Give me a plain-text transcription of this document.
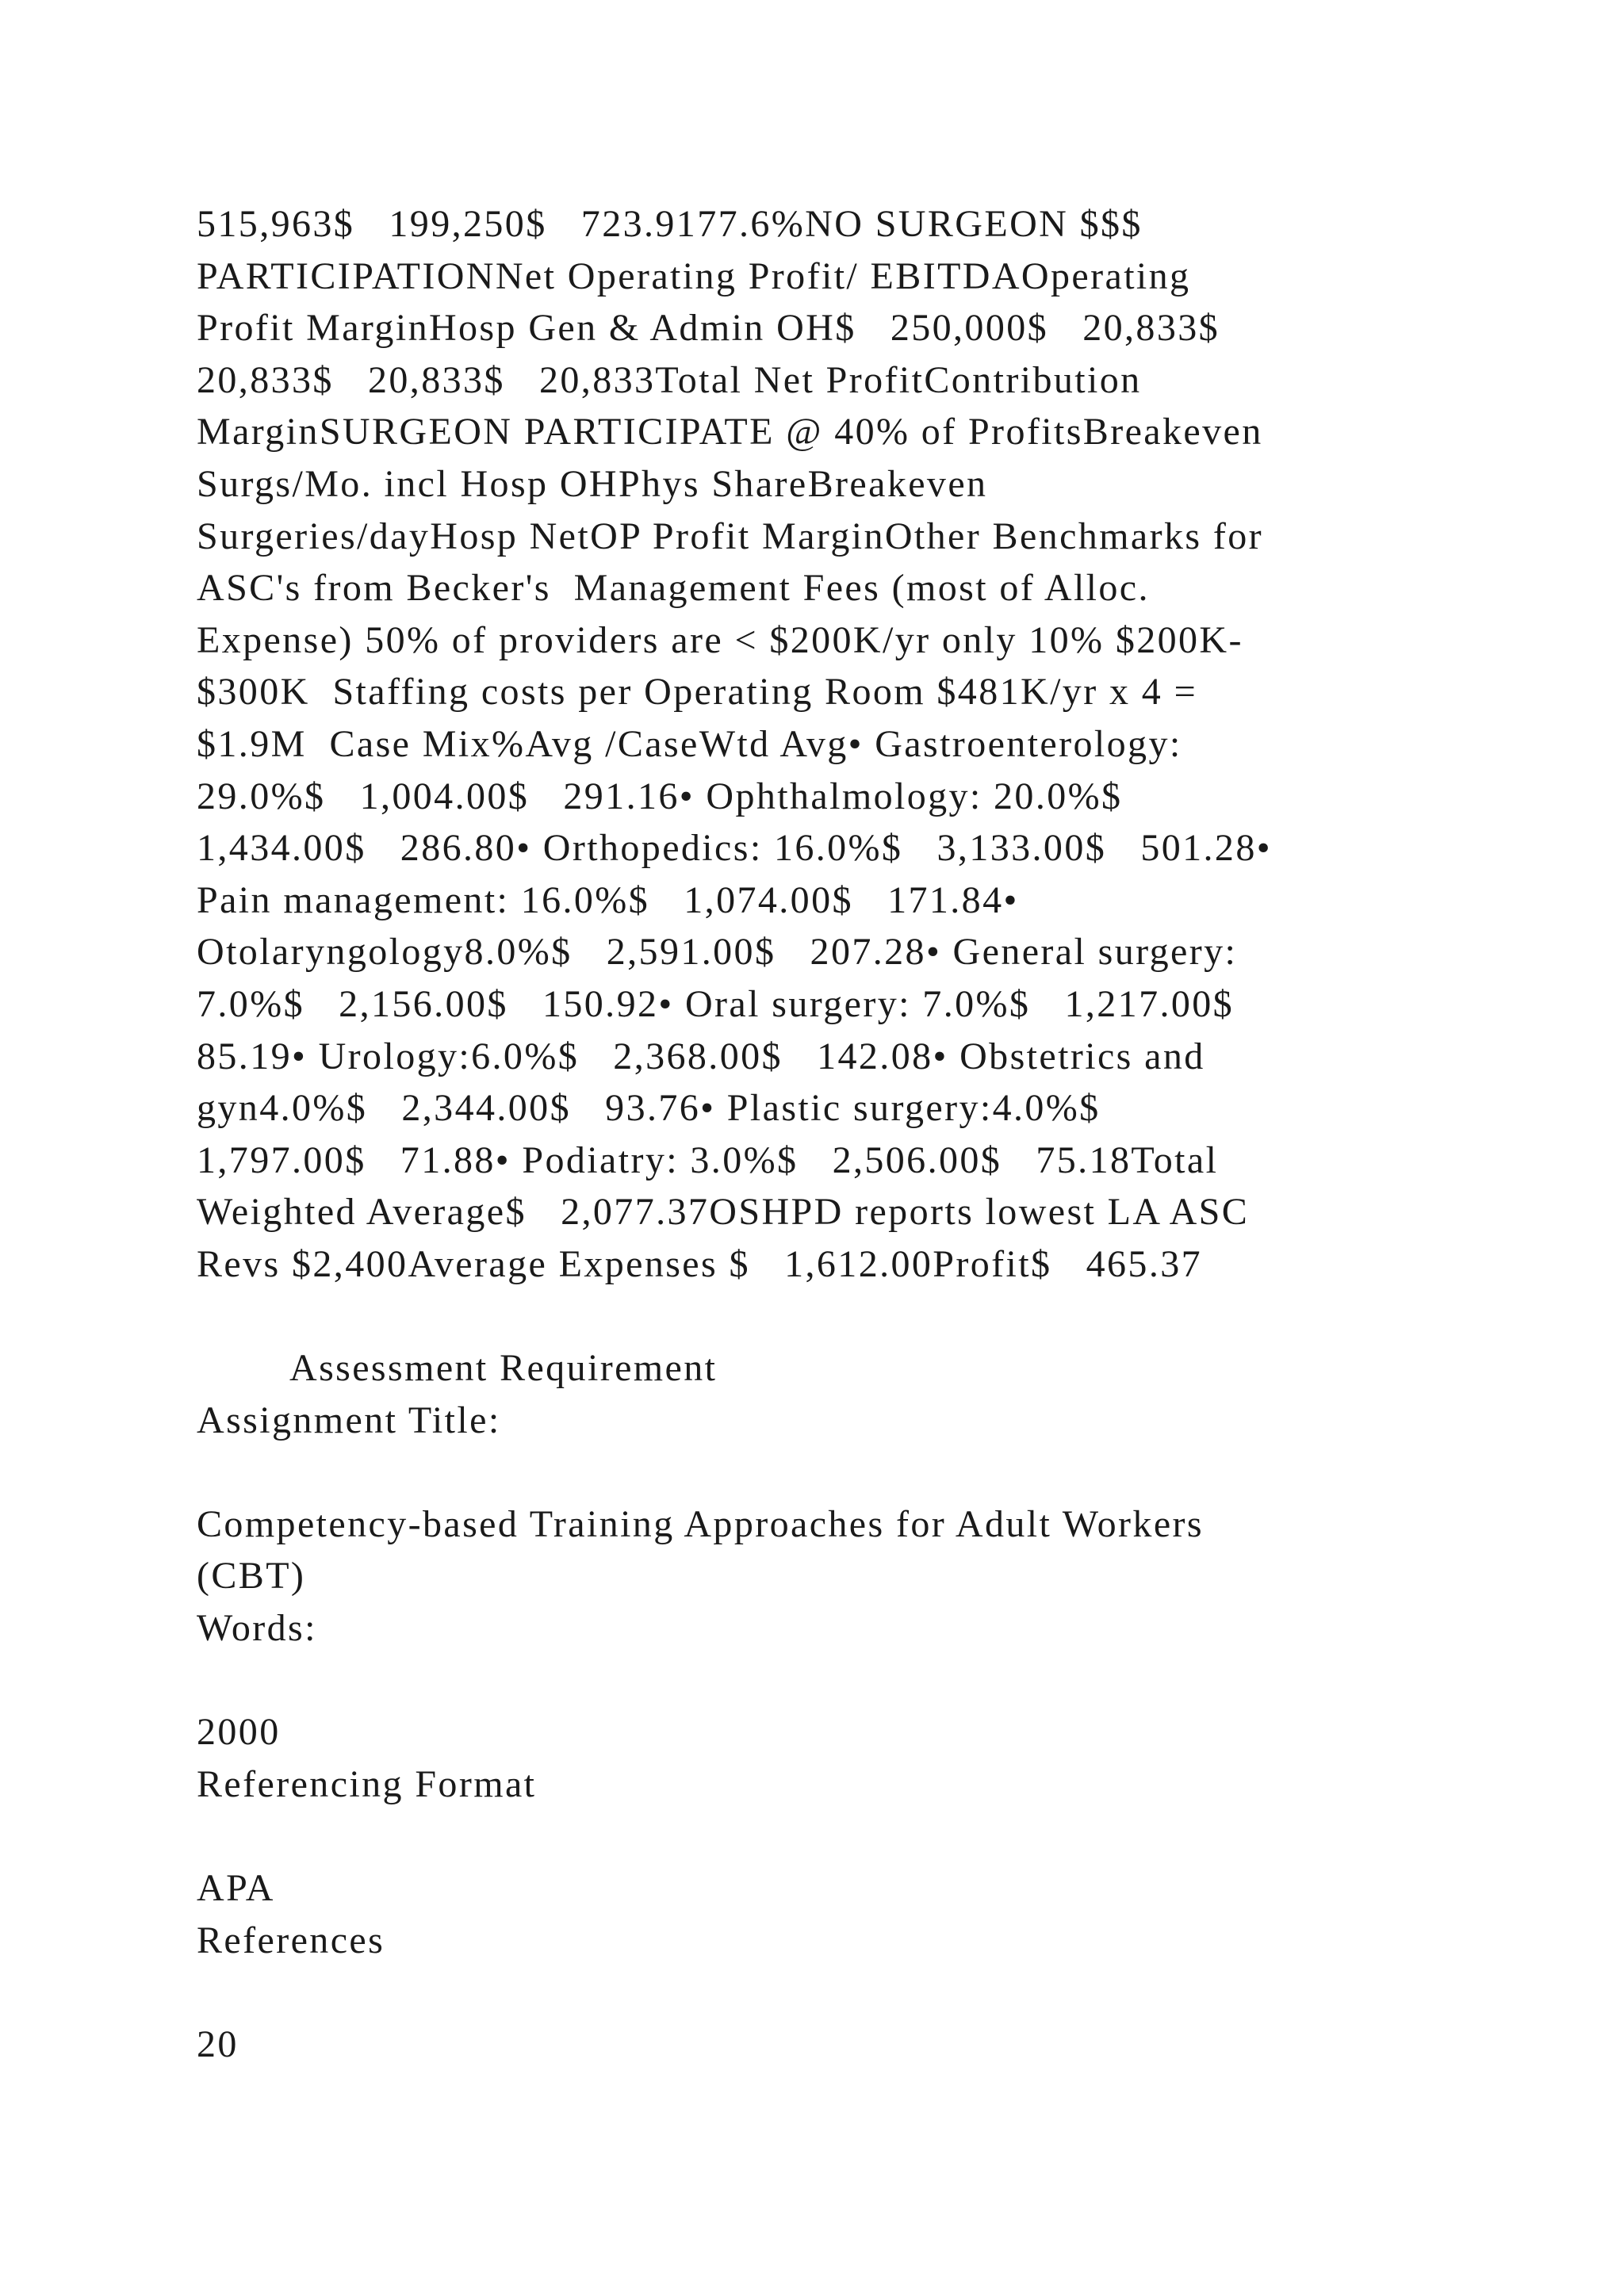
515,963$   199,250$   723.9177.6%NO SURGEON $$$
PARTICIPATIONNet Operating Profit/ EBITDAOperating
Profit MarginHosp Gen & Admin OH$   250,000$   20,833$
20,833$   20,833$   20,833Total Net ProfitContribution
MarginSURGEON PARTICIPATE @ 40% of ProfitsBreakeven
Surgs/Mo. incl Hosp OHPhys ShareBreakeven
Surgeries/dayHosp NetOP Profit MarginOther Benchmarks for
ASC's from Becker's  Management Fees (most of Alloc.
Expense) 50% of providers are < $200K/yr only 10% $200K-
$300K  Staffing costs per Operating Room $481K/yr x 4 =
$1.9M  Case Mix%Avg /CaseWtd Avg• Gastroenterology:
29.0%$   1,004.00$   291.16• Ophthalmology: 20.0%$
1,434.00$   286.80• Orthopedics: 16.0%$   3,133.00$   501.28•
Pain management: 16.0%$   1,074.00$   171.84•
Otolaryngology8.0%$   2,591.00$   207.28• General surgery:
7.0%$   2,156.00$   150.92• Oral surgery: 7.0%$   1,217.00$
85.19• Urology:6.0%$   2,368.00$   142.08• Obstetrics and
gyn4.0%$   2,344.00$   93.76• Plastic surgery:4.0%$
1,797.00$   71.88• Podiatry: 3.0%$   2,506.00$   75.18Total
Weighted Average$   2,077.37OSHPD reports lowest LA ASC
Revs $2,400Average Expenses $   1,612.00Profit$   465.37
Assessment Requirement
Assignment Title:
Competency-based Training Approaches for Adult Workers
(CBT)
Words:
2000
Referencing Format
APA
References
20
